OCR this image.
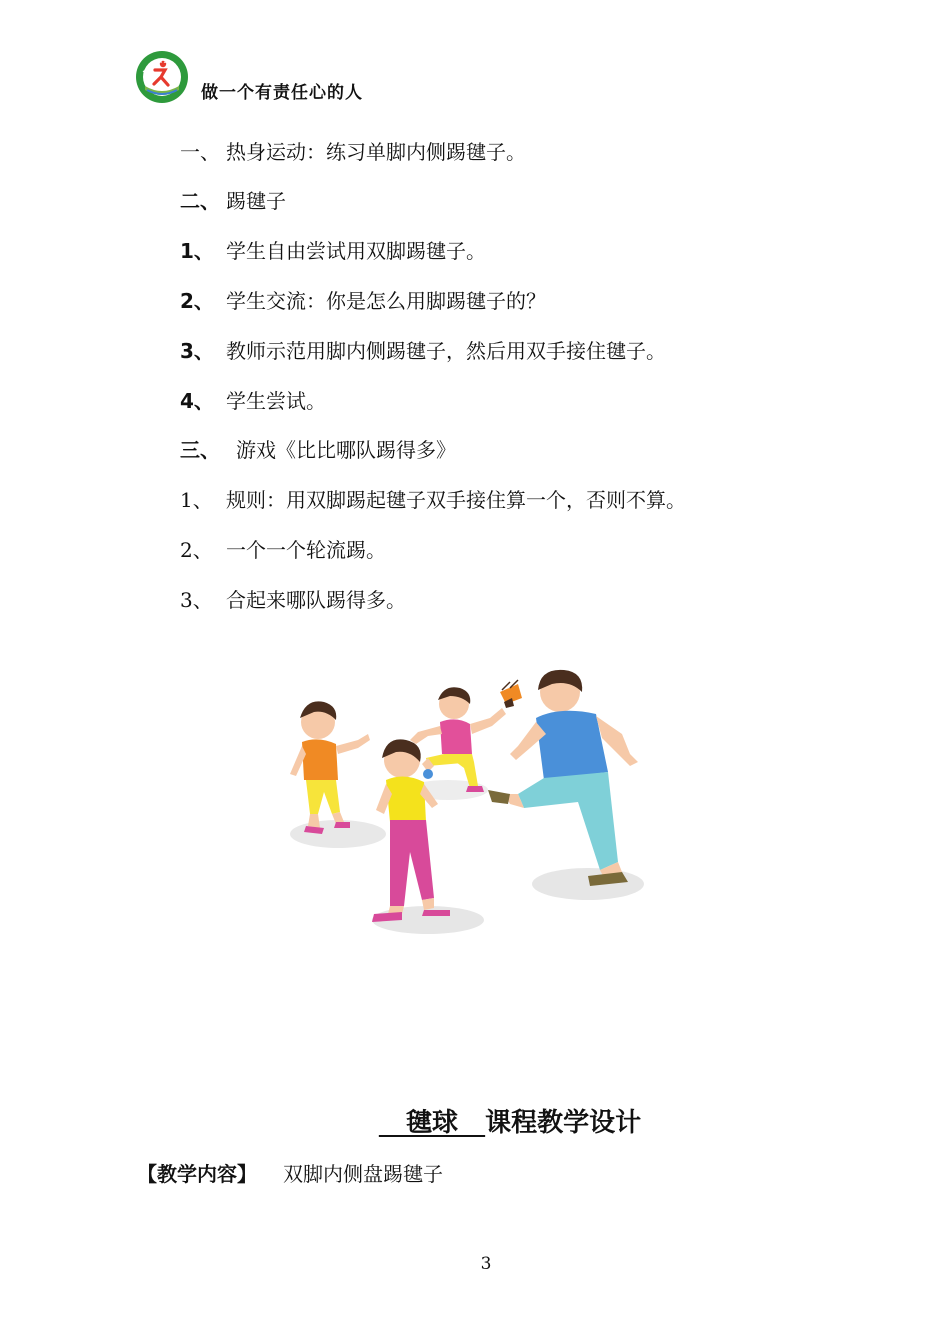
做一个有责任心的人
一、 热身运动：练习单脚内侧踢毽子。
二、 踢毽子
1、 学生自由尝试用双脚踢毽子。
2、 学生交流：你是怎么用脚踢毽子的？
3、 教师示范用脚内侧踢毽子，然后用双手接住毽子。
4、 学生尝试。
三、 游戏《比比哪队踢得多》
1、 规则：用双脚踢起毽子双手接住算一个，否则不算。
2、 一个一个轮流踢。
3、 合起来哪队踢得多。
毽球   课程教学设计
【教学内容】 双脚内侧盘踢毽子
3
